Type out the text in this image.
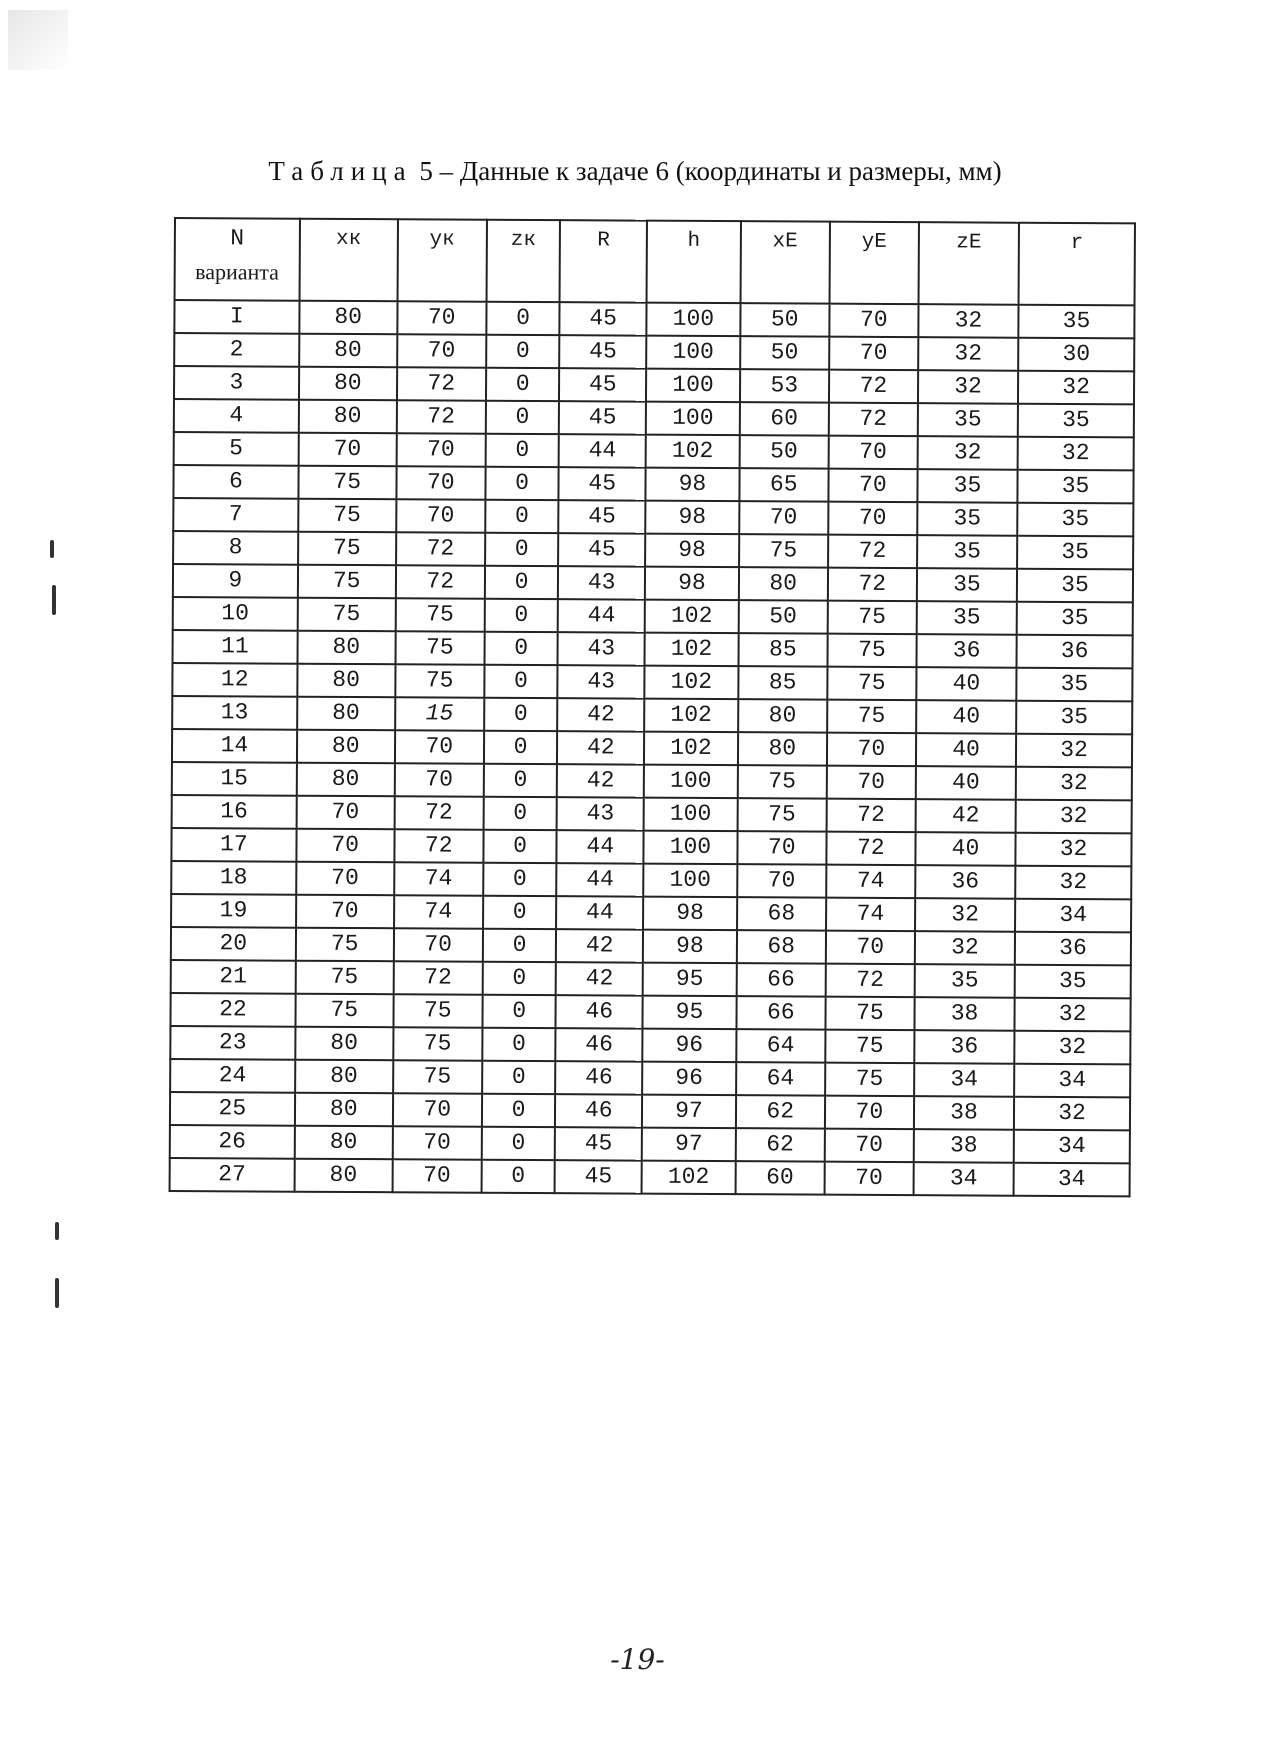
Таблица 5 – Данные к задаче 6 (координаты и размеры, мм)
N
варианта	xк	yк	zк	R	h	xE	yE	zE	r
I	80	70	0	45	100	50	70	32	35
2	80	70	0	45	100	50	70	32	30
3	80	72	0	45	100	53	72	32	32
4	80	72	0	45	100	60	72	35	35
5	70	70	0	44	102	50	70	32	32
6	75	70	0	45	98	65	70	35	35
7	75	70	0	45	98	70	70	35	35
8	75	72	0	45	98	75	72	35	35
9	75	72	0	43	98	80	72	35	35
10	75	75	0	44	102	50	75	35	35
11	80	75	0	43	102	85	75	36	36
12	80	75	0	43	102	85	75	40	35
13	80	15	0	42	102	80	75	40	35
14	80	70	0	42	102	80	70	40	32
15	80	70	0	42	100	75	70	40	32
16	70	72	0	43	100	75	72	42	32
17	70	72	0	44	100	70	72	40	32
18	70	74	0	44	100	70	74	36	32
19	70	74	0	44	98	68	74	32	34
20	75	70	0	42	98	68	70	32	36
21	75	72	0	42	95	66	72	35	35
22	75	75	0	46	95	66	75	38	32
23	80	75	0	46	96	64	75	36	32
24	80	75	0	46	96	64	75	34	34
25	80	70	0	46	97	62	70	38	32
26	80	70	0	45	97	62	70	38	34
27	80	70	0	45	102	60	70	34	34
-19-
